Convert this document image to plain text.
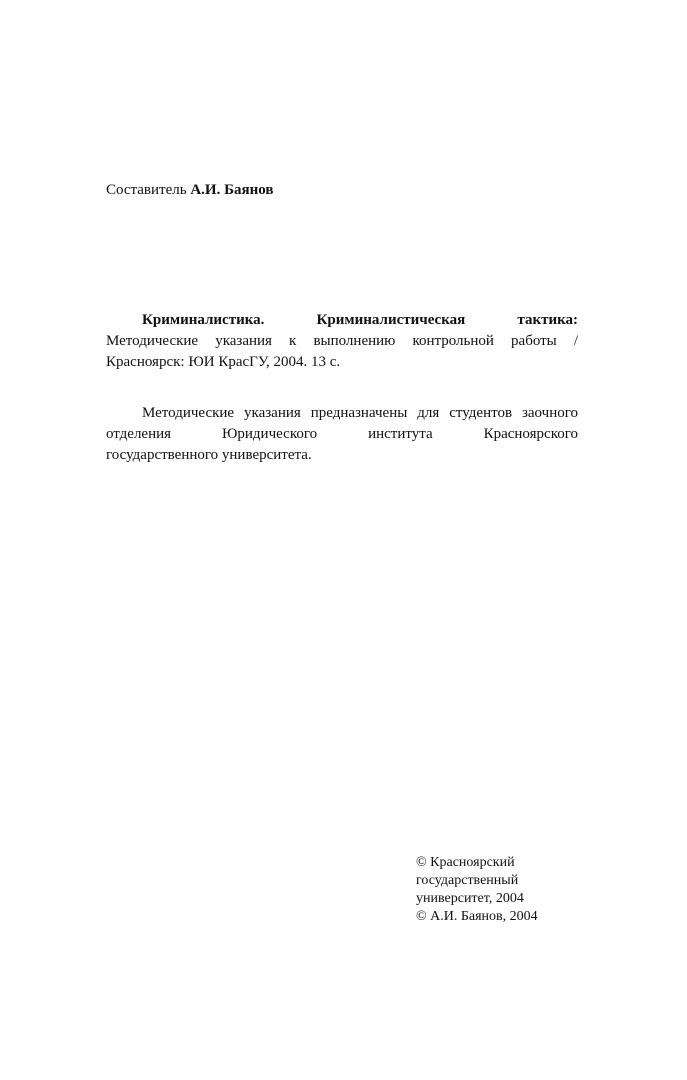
Составитель А.И. Баянов
Криминалистика.	Криминалистическая	тактика:
Методические указания к выполнению контрольной работы /
Красноярск: ЮИ КрасГУ, 2004. 13 с.
Методические указания предназначены для студентов заочного
отделения	Юридического	института	Красноярского
государственного университета.
© Красноярский
государственный
университет, 2004
© А.И. Баянов, 2004
